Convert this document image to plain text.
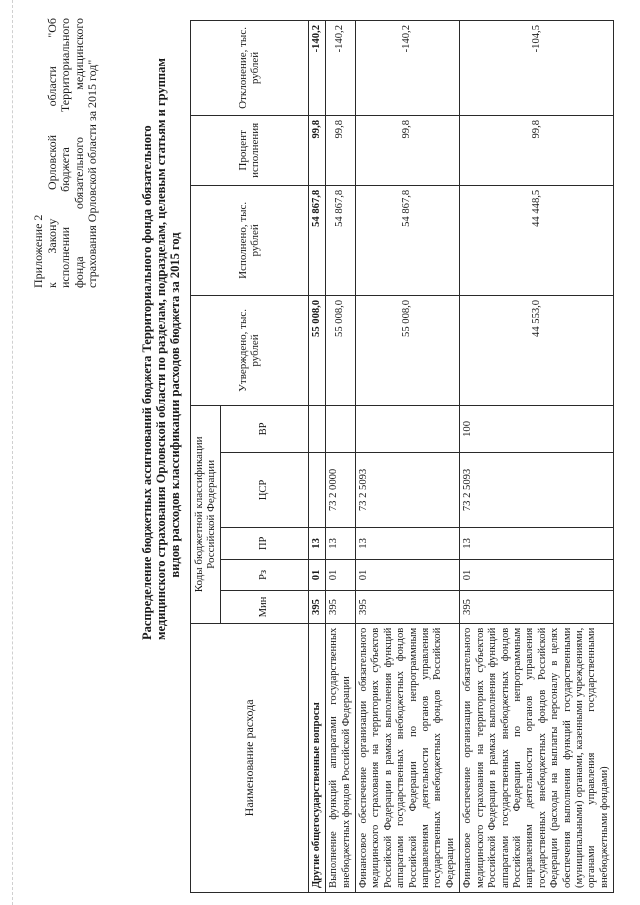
Приложение 2 к
Закону
Орловской
области
"Об
исполнении
бюджета
Территориального
фонда
обязательного
медицинского
страхования Орловской области за 2015 год"	Распределение бюджетных ассигнований бюджета Территориального фонда обязательного медицинского страхования Орловской области по разделам, подразделам, целевым статьям и группам видов расходов классификации расходов бюджета за 2015 год
Наименование расхода	Коды бюджетной классификации Российской Федерации					Утверждено, тыс. рублей	Исполнено, тыс. рублей	Процент исполнения	Отклонение, тыс. рублей
	Мин	Рз	ПР	ЦСР	ВР				
Другие общегосударственные вопросы	395	01	13			55 008,0	54 867,8	99,8	-140,2
Выполнение функций аппаратами государственных внебюджетных фондов Российской Федерации	395	01	13	73 2 0000		55 008,0	54 867,8	99,8	-140,2
Финансовое обеспечение организации обязательного медицинского страхования на территориях субъектов Российской Федерации в рамках выполнения функций аппаратами государственных внебюджетных фондов Российской Федерации по непрограммным направлениям деятельности органов управления государственных внебюджетных фондов Российской Федерации	395	01	13	73 2 5093		55 008,0	54 867,8	99,8	-140,2
Финансовое обеспечение организации обязательного медицинского страхования на территориях субъектов Российской Федерации в рамках выполнения функций аппаратами государственных внебюджетных фондов Российской Федерации по непрограммным направлениям деятельности органов управления государственных внебюджетных фондов Российской Федерации (расходы на выплаты персоналу в целях обеспечения выполнения функций государственными (муниципальными) органами, казенными учреждениями, органами управления государственными внебюджетными фондами)	395	01	13	73 2 5093	100	44 553,0	44 448,5	99,8	-104,5
